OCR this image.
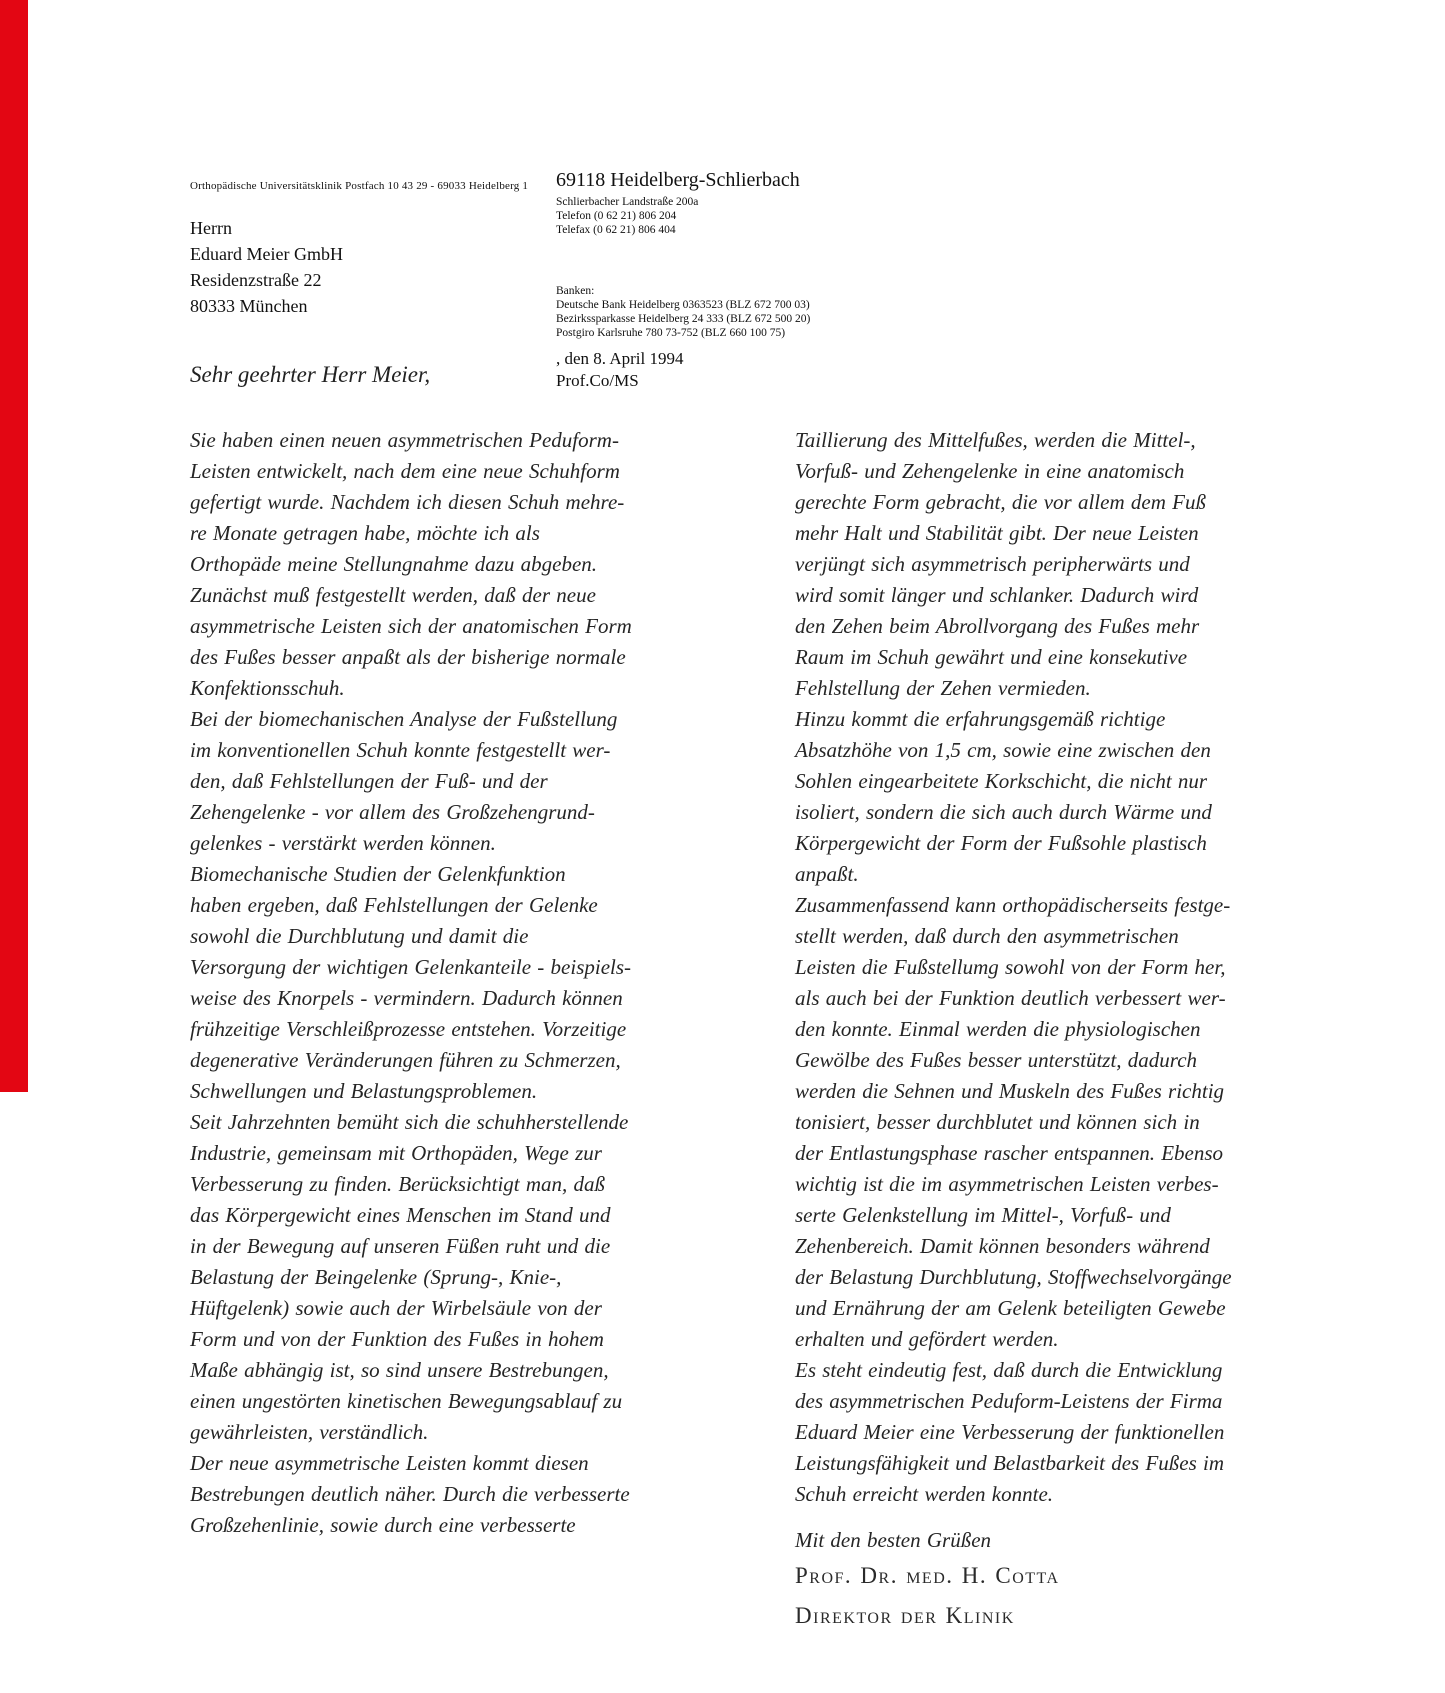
Orthopädische Universitätsklinik Postfach 10 43 29 - 69033 Heidelberg 1
Herrn
Eduard Meier GmbH
Residenzstraße 22
80333 München
69118 Heidelberg-Schlierbach
Schlierbacher Landstraße 200a
Telefon (0 62 21) 806 204
Telefax (0 62 21) 806 404
Banken:
Deutsche Bank Heidelberg 0363523 (BLZ 672 700 03)
Bezirkssparkasse Heidelberg 24 333 (BLZ 672 500 20)
Postgiro Karlsruhe 780 73-752 (BLZ 660 100 75)
, den 8. April 1994
Prof.Co/MS
Sehr geehrter Herr Meier,
Sie haben einen neuen asymmetrischen Peduform-
Leisten entwickelt, nach dem eine neue Schuhform
gefertigt wurde. Nachdem ich diesen Schuh mehre-
re Monate getragen habe, möchte ich als
Orthopäde meine Stellungnahme dazu abgeben.
Zunächst muß festgestellt werden, daß der neue
asymmetrische Leisten sich der anatomischen Form
des Fußes besser anpaßt als der bisherige normale
Konfektionsschuh.
Bei der biomechanischen Analyse der Fußstellung
im konventionellen Schuh konnte festgestellt wer-
den, daß Fehlstellungen der Fuß- und der
Zehengelenke - vor allem des Großzehengrund-
gelenkes - verstärkt werden können.
Biomechanische Studien der Gelenkfunktion
haben ergeben, daß Fehlstellungen der Gelenke
sowohl die Durchblutung und damit die
Versorgung der wichtigen Gelenkanteile - beispiels-
weise des Knorpels - vermindern. Dadurch können
frühzeitige Verschleißprozesse entstehen. Vorzeitige
degenerative Veränderungen führen zu Schmerzen,
Schwellungen und Belastungsproblemen.
Seit Jahrzehnten bemüht sich die schuhherstellende
Industrie, gemeinsam mit Orthopäden, Wege zur
Verbesserung zu finden. Berücksichtigt man, daß
das Körpergewicht eines Menschen im Stand und
in der Bewegung auf unseren Füßen ruht und die
Belastung der Beingelenke (Sprung-, Knie-,
Hüftgelenk) sowie auch der Wirbelsäule von der
Form und von der Funktion des Fußes in hohem
Maße abhängig ist, so sind unsere Bestrebungen,
einen ungestörten kinetischen Bewegungsablauf zu
gewährleisten, verständlich.
Der neue asymmetrische Leisten kommt diesen
Bestrebungen deutlich näher. Durch die verbesserte
Großzehenlinie, sowie durch eine verbesserte
Taillierung des Mittelfußes, werden die Mittel-,
Vorfuß- und Zehengelenke in eine anatomisch
gerechte Form gebracht, die vor allem dem Fuß
mehr Halt und Stabilität gibt. Der neue Leisten
verjüngt sich asymmetrisch peripherwärts und
wird somit länger und schlanker. Dadurch wird
den Zehen beim Abrollvorgang des Fußes mehr
Raum im Schuh gewährt und eine konsekutive
Fehlstellung der Zehen vermieden.
Hinzu kommt die erfahrungsgemäß richtige
Absatzhöhe von 1,5 cm, sowie eine zwischen den
Sohlen eingearbeitete Korkschicht, die nicht nur
isoliert, sondern die sich auch durch Wärme und
Körpergewicht der Form der Fußsohle plastisch
anpaßt.
Zusammenfassend kann orthopädischerseits festge-
stellt werden, daß durch den asymmetrischen
Leisten die Fußstellumg sowohl von der Form her,
als auch bei der Funktion deutlich verbessert wer-
den konnte. Einmal werden die physiologischen
Gewölbe des Fußes besser unterstützt, dadurch
werden die Sehnen und Muskeln des Fußes richtig
tonisiert, besser durchblutet und können sich in
der Entlastungsphase rascher entspannen. Ebenso
wichtig ist die im asymmetrischen Leisten verbes-
serte Gelenkstellung im Mittel-, Vorfuß- und
Zehenbereich. Damit können besonders während
der Belastung Durchblutung, Stoffwechselvorgänge
und Ernährung der am Gelenk beteiligten Gewebe
erhalten und gefördert werden.
Es steht eindeutig fest, daß durch die Entwicklung
des asymmetrischen Peduform-Leistens der Firma
Eduard Meier eine Verbesserung der funktionellen
Leistungsfähigkeit und Belastbarkeit des Fußes im
Schuh erreicht werden konnte.
Mit den besten Grüßen
Prof. Dr. med. H. Cotta
Direktor der Klinik
